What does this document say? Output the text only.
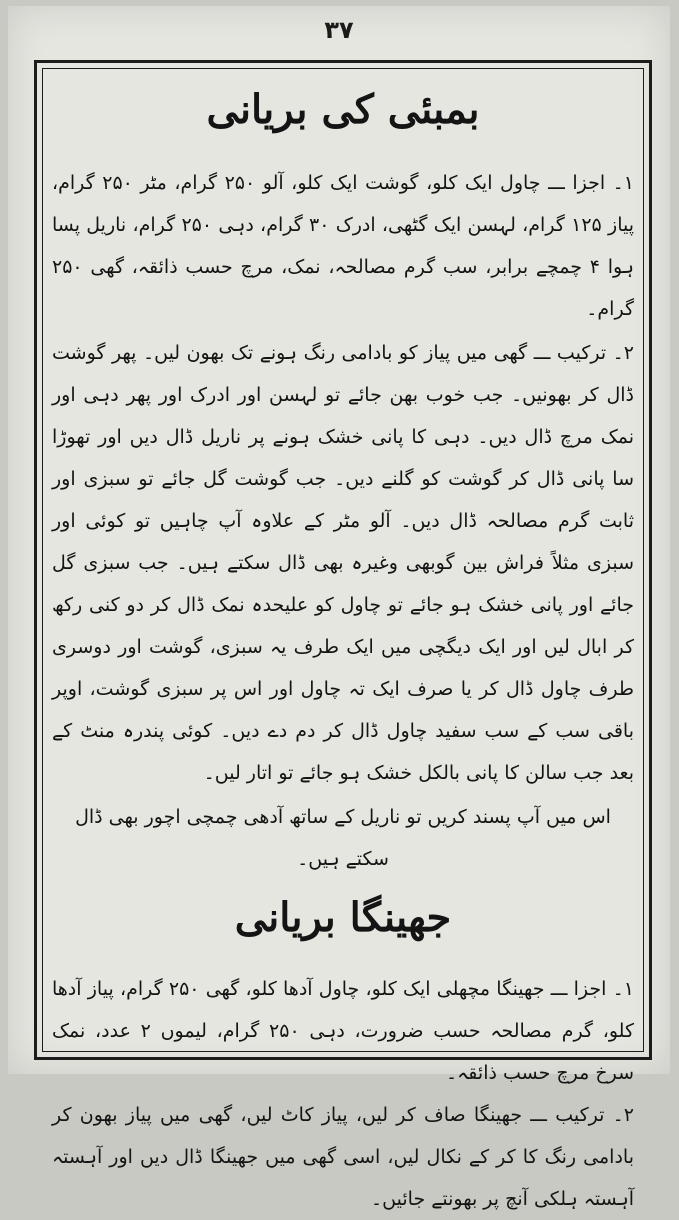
۳۷
بمبئی کی بریانی

۱۔ اجزا ـــ چاول ایک کلو، گوشت ایک کلو، آلو ۲۵۰ گرام، مٹر ۲۵۰ گرام، پیاز ۱۲۵ گرام، لہسن ایک گٹھی، ادرک ۳۰ گرام، دہی ۲۵۰ گرام، ناریل پسا ہوا ۴ چمچے برابر، سب گرم مصالحہ، نمک، مرچ حسب ذائقہ، گھی ۲۵۰ گرام۔

۲۔ ترکیب ـــ گھی میں پیاز کو بادامی رنگ ہونے تک بھون لیں۔ پھر گوشت ڈال کر بھونیں۔ جب خوب بھن جائے تو لہسن اور ادرک اور پھر دہی اور نمک مرچ ڈال دیں۔ دہی کا پانی خشک ہونے پر ناریل ڈال دیں اور تھوڑا سا پانی ڈال کر گوشت کو گلنے دیں۔ جب گوشت گل جائے تو سبزی اور ثابت گرم مصالحہ ڈال دیں۔ آلو مٹر کے علاوہ آپ چاہیں تو کوئی اور سبزی مثلاً فراش بین گوبھی وغیرہ بھی ڈال سکتے ہیں۔ جب سبزی گل جائے اور پانی خشک ہو جائے تو چاول کو علیحدہ نمک ڈال کر دو کنی رکھ کر ابال لیں اور ایک دیگچی میں ایک طرف یہ سبزی، گوشت اور دوسری طرف چاول ڈال کر یا صرف ایک تہ چاول اور اس پر سبزی گوشت، اوپر باقی سب کے سب سفید چاول ڈال کر دم دے دیں۔ کوئی پندرہ منٹ کے بعد جب سالن کا پانی بالکل خشک ہو جائے تو اتار لیں۔

اس میں آپ پسند کریں تو ناریل کے ساتھ آدھی چمچی اچور بھی ڈال سکتے ہیں۔

جھینگا بریانی

۱۔ اجزا ـــ جھینگا مچھلی ایک کلو، چاول آدھا کلو، گھی ۲۵۰ گرام، پیاز آدھا کلو، گرم مصالحہ حسب ضرورت، دہی ۲۵۰ گرام، لیموں ۲ عدد، نمک سرخ مرچ حسب ذائقہ۔

۲۔ ترکیب ـــ جھینگا صاف کر لیں، پیاز کاٹ لیں، گھی میں پیاز بھون کر بادامی رنگ کا کر کے نکال لیں، اسی گھی میں جھینگا ڈال دیں اور آہستہ آہستہ ہلکی آنچ پر بھونتے جائیں۔
